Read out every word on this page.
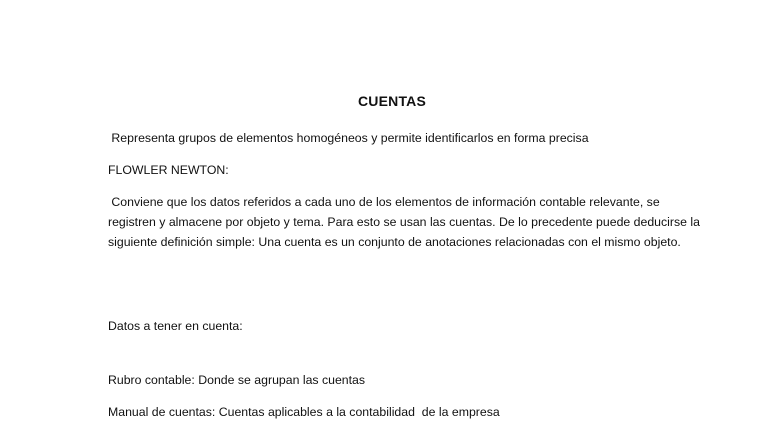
CUENTAS

Representa grupos de elementos homogéneos y permite identificarlos en forma precisa

FLOWLER NEWTON:

Conviene que los datos referidos a cada uno de los elementos de información contable relevante, se registren y almacene por objeto y tema. Para esto se usan las cuentas. De lo precedente puede deducirse la siguiente definición simple: Una cuenta es un conjunto de anotaciones relacionadas con el mismo objeto.

Datos a tener en cuenta:

Rubro contable: Donde se agrupan las cuentas

Manual de cuentas: Cuentas aplicables a la contabilidad  de la empresa
